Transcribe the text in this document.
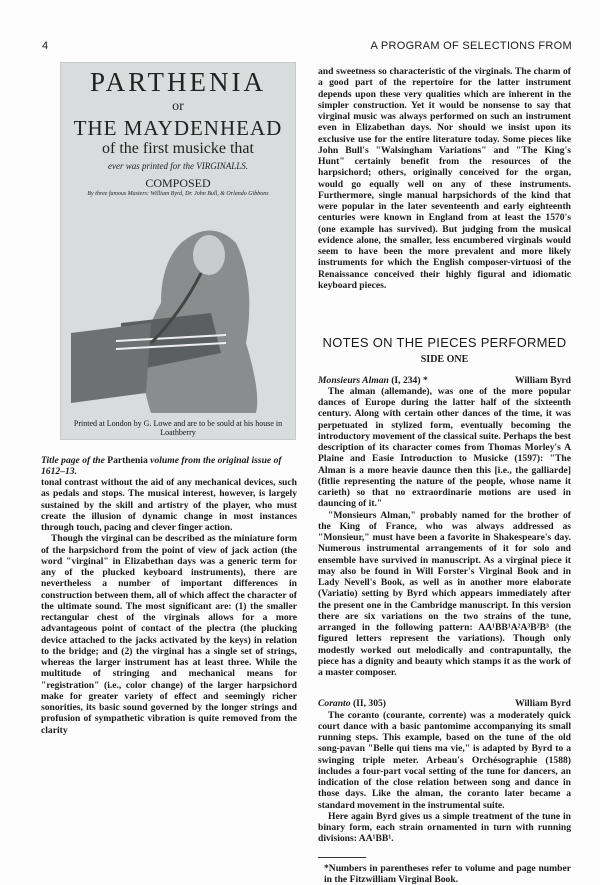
4	A PROGRAM OF SELECTIONS FROM
PARTHENIA
or
THE MAYDENHEAD
of the first musicke that
ever was printed for the VIRGINALLS.
COMPOSED
By three famous Masters: William Byrd, Dr. John Bull, & Orlando Gibbons
Printed at London by G. Lowe and are to be sould at his house in Loathberry
Title page of the Parthenia volume from the original issue of 1612–13.

tonal contrast without the aid of any mechanical devices, such as pedals and stops. The musical interest, however, is largely sustained by the skill and artistry of the player, who must create the illusion of dynamic change in most instances through touch, pacing and clever finger action.

Though the virginal can be described as the miniature form of the harpsichord from the point of view of jack action (the word "virginal" in Elizabethan days was a generic term for any of the plucked keyboard instruments), there are nevertheless a number of important differences in construction between them, all of which affect the character of the ultimate sound. The most significant are: (1) the smaller rectangular chest of the virginals allows for a more advantageous point of contact of the plectra (the plucking device attached to the jacks activated by the keys) in relation to the bridge; and (2) the virginal has a single set of strings, whereas the larger instrument has at least three. While the multitude of stringing and mechanical means for "registration" (i.e., color change) of the larger harpsichord make for greater variety of effect and seemingly richer sonorities, its basic sound governed by the longer strings and profusion of sympathetic vibration is quite removed from the clarity

and sweetness so characteristic of the virginals. The charm of a good part of the repertoire for the latter instrument depends upon these very qualities which are inherent in the simpler construction. Yet it would be nonsense to say that virginal music was always performed on such an instrument even in Elizabethan days. Nor should we insist upon its exclusive use for the entire literature today. Some pieces like John Bull's "Walsingham Variations" and "The King's Hunt" certainly benefit from the resources of the harpsichord; others, originally conceived for the organ, would go equally well on any of these instruments. Furthermore, single manual harpsichords of the kind that were popular in the later seventeenth and early eighteenth centuries were known in England from at least the 1570's (one example has survived). But judging from the musical evidence alone, the smaller, less encumbered virginals would seem to have been the more prevalent and more likely instruments for which the English composer-virtuosi of the Renaissance conceived their highly figural and idiomatic keyboard pieces.

NOTES ON THE PIECES PERFORMED
SIDE ONE
Monsieurs Alman (I, 234) *	William Byrd

The alman (allemande), was one of the more popular dances of Europe during the latter half of the sixteenth century. Along with certain other dances of the time, it was perpetuated in stylized form, eventually becoming the introductory movement of the classical suite. Perhaps the best description of its character comes from Thomas Morley's A Plaine and Easie Introduction to Musicke (1597): "The Alman is a more heavie daunce then this [i.e., the galliarde] (fitlie representing the nature of the people, whose name it carieth) so that no extraordinarie motions are used in dauncing of it."

"Monsieurs Alman," probably named for the brother of the King of France, who was always addressed as "Monsieur," must have been a favorite in Shakespeare's day. Numerous instrumental arrangements of it for solo and ensemble have survived in manuscript. As a virginal piece it may also be found in Will Forster's Virginal Book and in Lady Nevell's Book, as well as in another more elaborate (Variatio) setting by Byrd which appears immediately after the present one in the Cambridge manuscript. In this version there are six variations on the two strains of the tune, arranged in the following pattern: AA¹BB¹A²A³B²B³ (the figured letters represent the variations). Though only modestly worked out melodically and contrapuntally, the piece has a dignity and beauty which stamps it as the work of a master composer.

Coranto (II, 305)	William Byrd

The coranto (courante, corrente) was a moderately quick court dance with a basic pantomime accompanying its small running steps. This example, based on the tune of the old song-pavan "Belle qui tiens ma vie," is adapted by Byrd to a swinging triple meter. Arbeau's Orchésographie (1588) includes a four-part vocal setting of the tune for dancers, an indication of the close relation between song and dance in those days. Like the alman, the coranto later became a standard movement in the instrumental suite.

Here again Byrd gives us a simple treatment of the tune in binary form, each strain ornamented in turn with running divisions: AA¹BB¹.

*Numbers in parentheses refer to volume and page number in the Fitzwilliam Virginal Book.
